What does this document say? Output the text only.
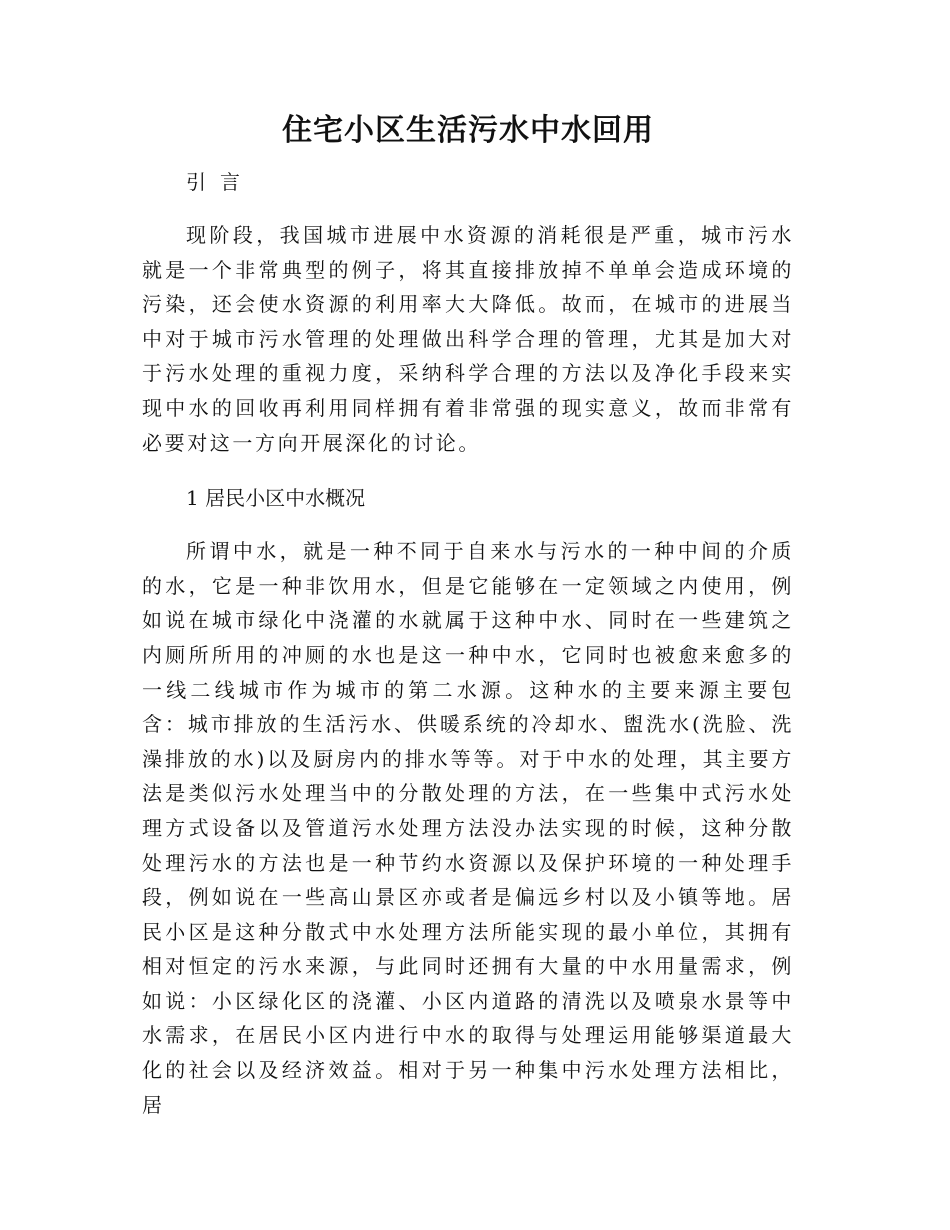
住宅小区生活污水中水回用

引言

现阶段，我国城市进展中水资源的消耗很是严重，城市污水就是一个非常典型的例子，将其直接排放掉不单单会造成环境的污染，还会使水资源的利用率大大降低。故而，在城市的进展当中对于城市污水管理的处理做出科学合理的管理，尤其是加大对于污水处理的重视力度，采纳科学合理的方法以及净化手段来实现中水的回收再利用同样拥有着非常强的现实意义，故而非常有必要对这一方向开展深化的讨论。

1 居民小区中水概况

所谓中水，就是一种不同于自来水与污水的一种中间的介质的水，它是一种非饮用水，但是它能够在一定领域之内使用，例如说在城市绿化中浇灌的水就属于这种中水、同时在一些建筑之内厕所所用的冲厕的水也是这一种中水，它同时也被愈来愈多的一线二线城市作为城市的第二水源。这种水的主要来源主要包含：城市排放的生活污水、供暖系统的冷却水、盥洗水(洗脸、洗澡排放的水)以及厨房内的排水等等。对于中水的处理，其主要方法是类似污水处理当中的分散处理的方法，在一些集中式污水处理方式设备以及管道污水处理方法没办法实现的时候，这种分散处理污水的方法也是一种节约水资源以及保护环境的一种处理手段，例如说在一些高山景区亦或者是偏远乡村以及小镇等地。居民小区是这种分散式中水处理方法所能实现的最小单位，其拥有相对恒定的污水来源，与此同时还拥有大量的中水用量需求，例如说：小区绿化区的浇灌、小区内道路的清洗以及喷泉水景等中水需求，在居民小区内进行中水的取得与处理运用能够渠道最大化的社会以及经济效益。相对于另一种集中污水处理方法相比，居
